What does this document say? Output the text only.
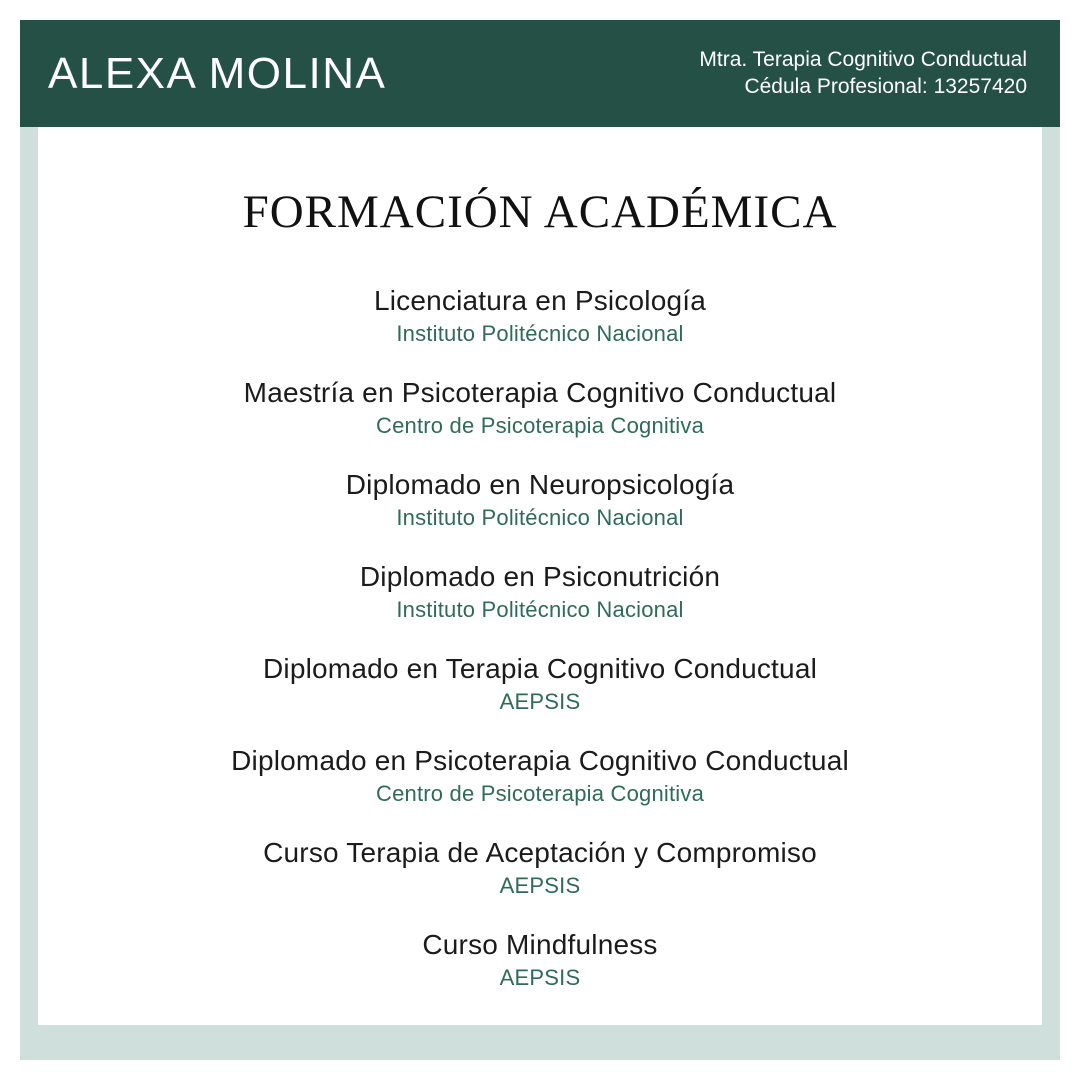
ALEXA MOLINA	Mtra. Terapia Cognitivo Conductual
Cédula Profesional: 13257420
FORMACIÓN ACADÉMICA
Licenciatura en Psicología
Instituto Politécnico Nacional
Maestría en Psicoterapia Cognitivo Conductual
Centro de Psicoterapia Cognitiva
Diplomado en Neuropsicología
Instituto Politécnico Nacional
Diplomado en Psiconutrición
Instituto Politécnico Nacional
Diplomado en Terapia Cognitivo Conductual
AEPSIS
Diplomado en Psicoterapia Cognitivo Conductual
Centro de Psicoterapia Cognitiva
Curso Terapia de Aceptación y Compromiso
AEPSIS
Curso Mindfulness
AEPSIS
